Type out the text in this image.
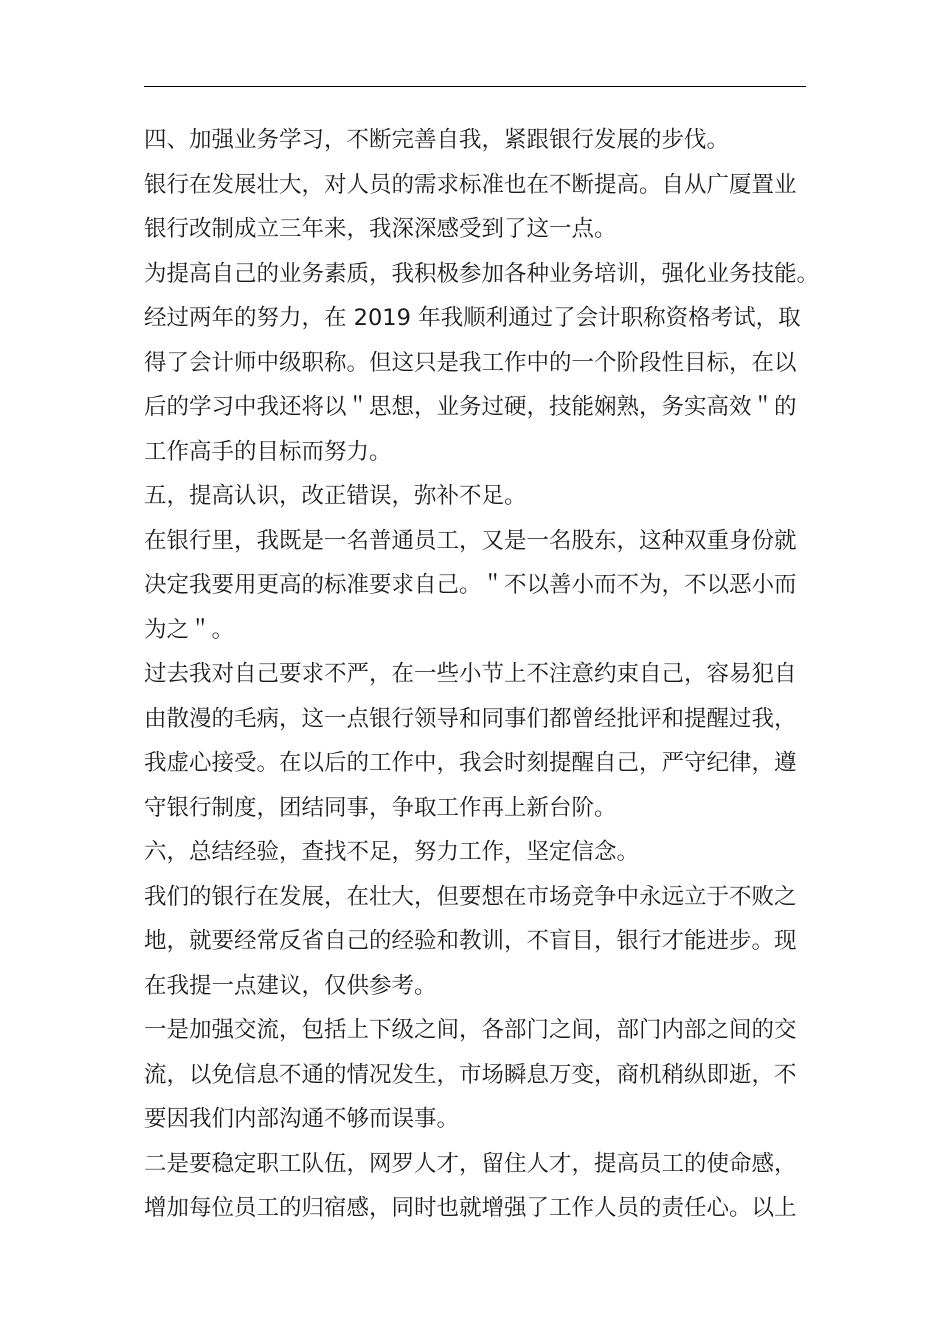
四、加强业务学习，不断完善自我，紧跟银行发展的步伐。

银行在发展壮大，对人员的需求标准也在不断提高。自从广厦置业

银行改制成立三年来，我深深感受到了这一点。

为提高自己的业务素质，我积极参加各种业务培训，强化业务技能。

经过两年的努力，在 2019 年我顺利通过了会计职称资格考试，取

得了会计师中级职称。但这只是我工作中的一个阶段性目标，在以

后的学习中我还将以＂思想，业务过硬，技能娴熟，务实高效＂的

工作高手的目标而努力。

五，提高认识，改正错误，弥补不足。

在银行里，我既是一名普通员工，又是一名股东，这种双重身份就

决定我要用更高的标准要求自己。＂不以善小而不为，不以恶小而

为之＂。

过去我对自己要求不严，在一些小节上不注意约束自己，容易犯自

由散漫的毛病，这一点银行领导和同事们都曾经批评和提醒过我，

我虚心接受。在以后的工作中，我会时刻提醒自己，严守纪律，遵

守银行制度，团结同事，争取工作再上新台阶。

六，总结经验，查找不足，努力工作，坚定信念。

我们的银行在发展，在壮大，但要想在市场竞争中永远立于不败之

地，就要经常反省自己的经验和教训，不盲目，银行才能进步。现

在我提一点建议，仅供参考。

一是加强交流，包括上下级之间，各部门之间，部门内部之间的交

流，以免信息不通的情况发生，市场瞬息万变，商机稍纵即逝，不

要因我们内部沟通不够而误事。

二是要稳定职工队伍，网罗人才，留住人才，提高员工的使命感，

增加每位员工的归宿感，同时也就增强了工作人员的责任心。以上
